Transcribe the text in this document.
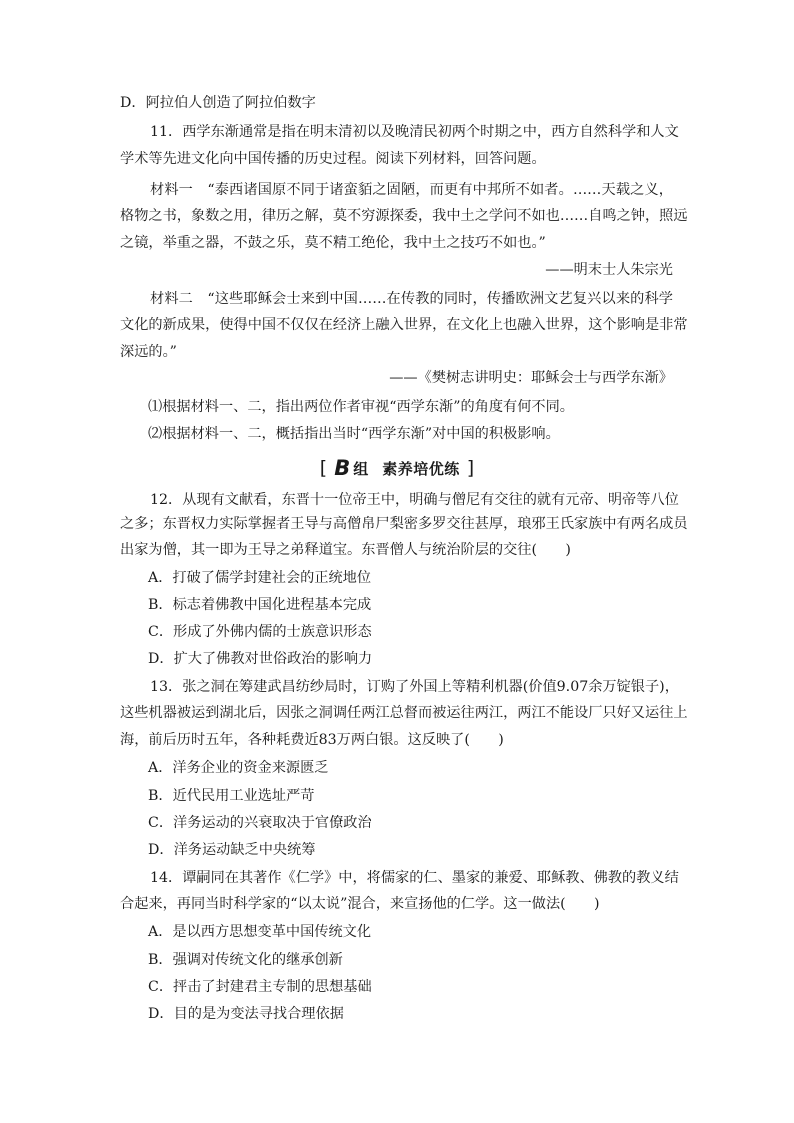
D．阿拉伯人创造了阿拉伯数字
11．西学东渐通常是指在明末清初以及晚清民初两个时期之中，西方自然科学和人文
学术等先进文化向中国传播的历史过程。阅读下列材料，回答问题。
材料一　“泰西诸国原不同于诸蛮貊之固陋，而更有中邦所不如者。……天载之义，
格物之书，象数之用，律历之解，莫不穷源探委，我中土之学问不如也……自鸣之钟，照远
之镜，举重之器，不鼓之乐，莫不精工绝伦，我中土之技巧不如也。”
——明末士人朱宗光
材料二　“这些耶稣会士来到中国……在传教的同时，传播欧洲文艺复兴以来的科学
文化的新成果，使得中国不仅仅在经济上融入世界，在文化上也融入世界，这个影响是非常
深远的。”
——《樊树志讲明史：耶稣会士与西学东渐》
⑴根据材料一、二，指出两位作者审视“西学东渐”的角度有何不同。
⑵根据材料一、二，概括指出当时“西学东渐”对中国的积极影响。
[ B 组 素养培优练 ]
12．从现有文献看，东晋十一位帝王中，明确与僧尼有交往的就有元帝、明帝等八位
之多；东晋权力实际掌握者王导与高僧帛尸梨密多罗交往甚厚，琅邪王氏家族中有两名成员
出家为僧，其一即为王导之弟释道宝。东晋僧人与统治阶层的交往(　　)
A．打破了儒学封建社会的正统地位
B．标志着佛教中国化进程基本完成
C．形成了外佛内儒的士族意识形态
D．扩大了佛教对世俗政治的影响力
13．张之洞在筹建武昌纺纱局时，订购了外国上等精利机器(价值9.07余万锭银子)，
这些机器被运到湖北后，因张之洞调任两江总督而被运往两江，两江不能设厂只好又运往上
海，前后历时五年，各种耗费近83万两白银。这反映了(　　)
A．洋务企业的资金来源匮乏
B．近代民用工业选址严苛
C．洋务运动的兴衰取决于官僚政治
D．洋务运动缺乏中央统筹
14．谭嗣同在其著作《仁学》中，将儒家的仁、墨家的兼爱、耶稣教、佛教的教义结
合起来，再同当时科学家的“以太说”混合，来宣扬他的仁学。这一做法(　　)
A．是以西方思想变革中国传统文化
B．强调对传统文化的继承创新
C．抨击了封建君主专制的思想基础
D．目的是为变法寻找合理依据
